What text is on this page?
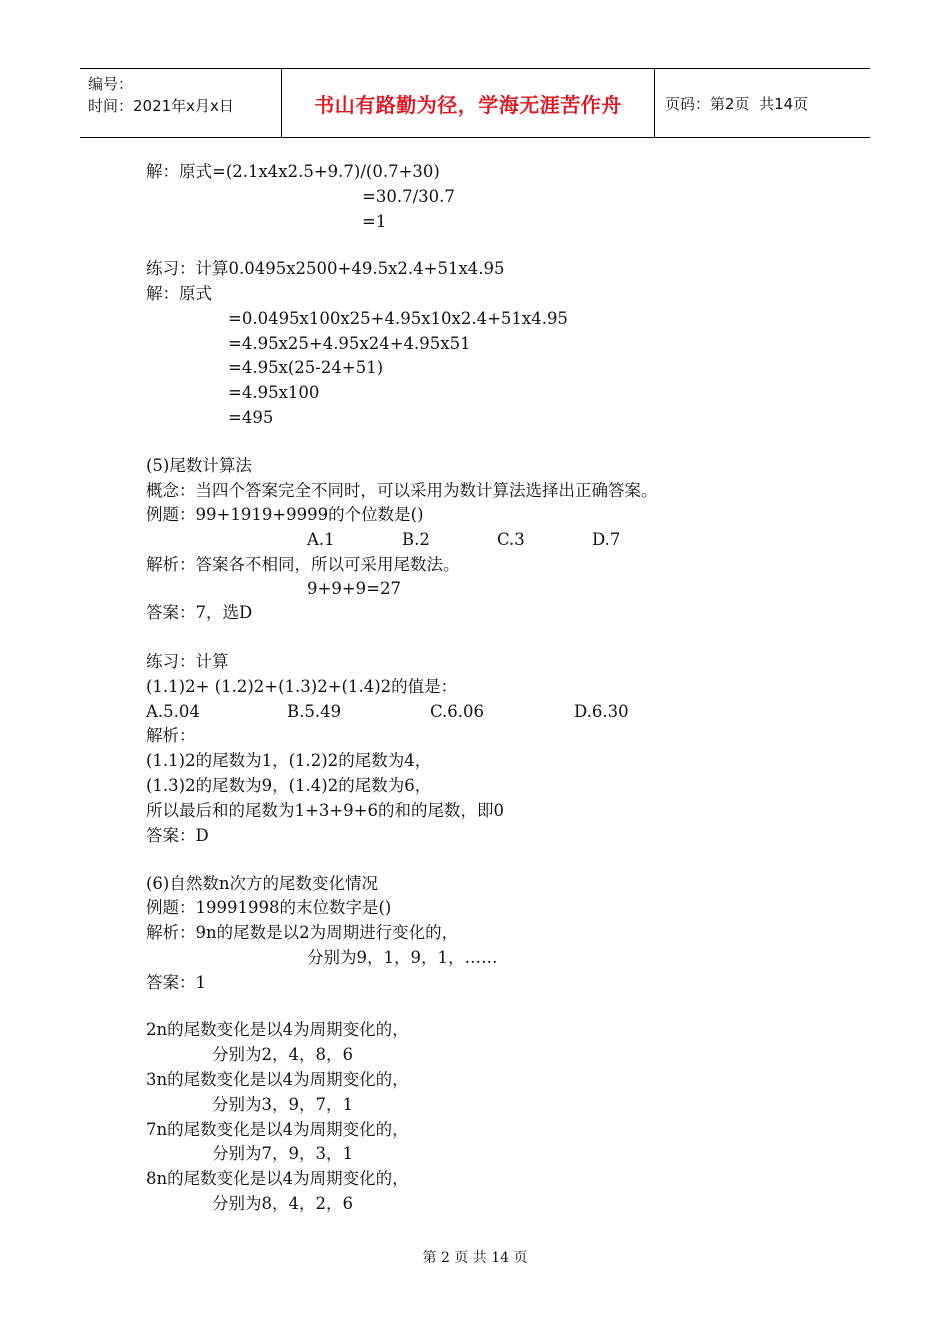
编号：
时间：2021年x月x日	书山有路勤为径，学海无涯苦作舟	页码：第2页  共14页
解：原式=(2.1x4x2.5+9.7)/(0.7+30)
=30.7/30.7
=1
练习：计算0.0495x2500+49.5x2.4+51x4.95
解：原式
=0.0495x100x25+4.95x10x2.4+51x4.95
=4.95x25+4.95x24+4.95x51
=4.95x(25-24+51)
=4.95x100
=495
(5)尾数计算法
概念：当四个答案完全不同时，可以采用为数计算法选择出正确答案。
例题：99+1919+9999的个位数是()
A.1	B.2	C.3	D.7
解析：答案各不相同，所以可采用尾数法。
9+9+9=27
答案：7，选D
练习：计算
(1.1)2+ (1.2)2+(1.3)2+(1.4)2的值是：
A.5.04	B.5.49	C.6.06	D.6.30
解析：
(1.1)2的尾数为1，(1.2)2的尾数为4，
(1.3)2的尾数为9，(1.4)2的尾数为6，
所以最后和的尾数为1+3+9+6的和的尾数，即0
答案：D
(6)自然数n次方的尾数变化情况
例题：19991998的末位数字是()
解析：9n的尾数是以2为周期进行变化的，
分别为9，1，9，1，……
答案：1
2n的尾数变化是以4为周期变化的，
分别为2，4，8，6
3n的尾数变化是以4为周期变化的，
分别为3，9，7，1
7n的尾数变化是以4为周期变化的，
分别为7，9，3，1
8n的尾数变化是以4为周期变化的，
分别为8，4，2，6
第 2 页 共 14 页
